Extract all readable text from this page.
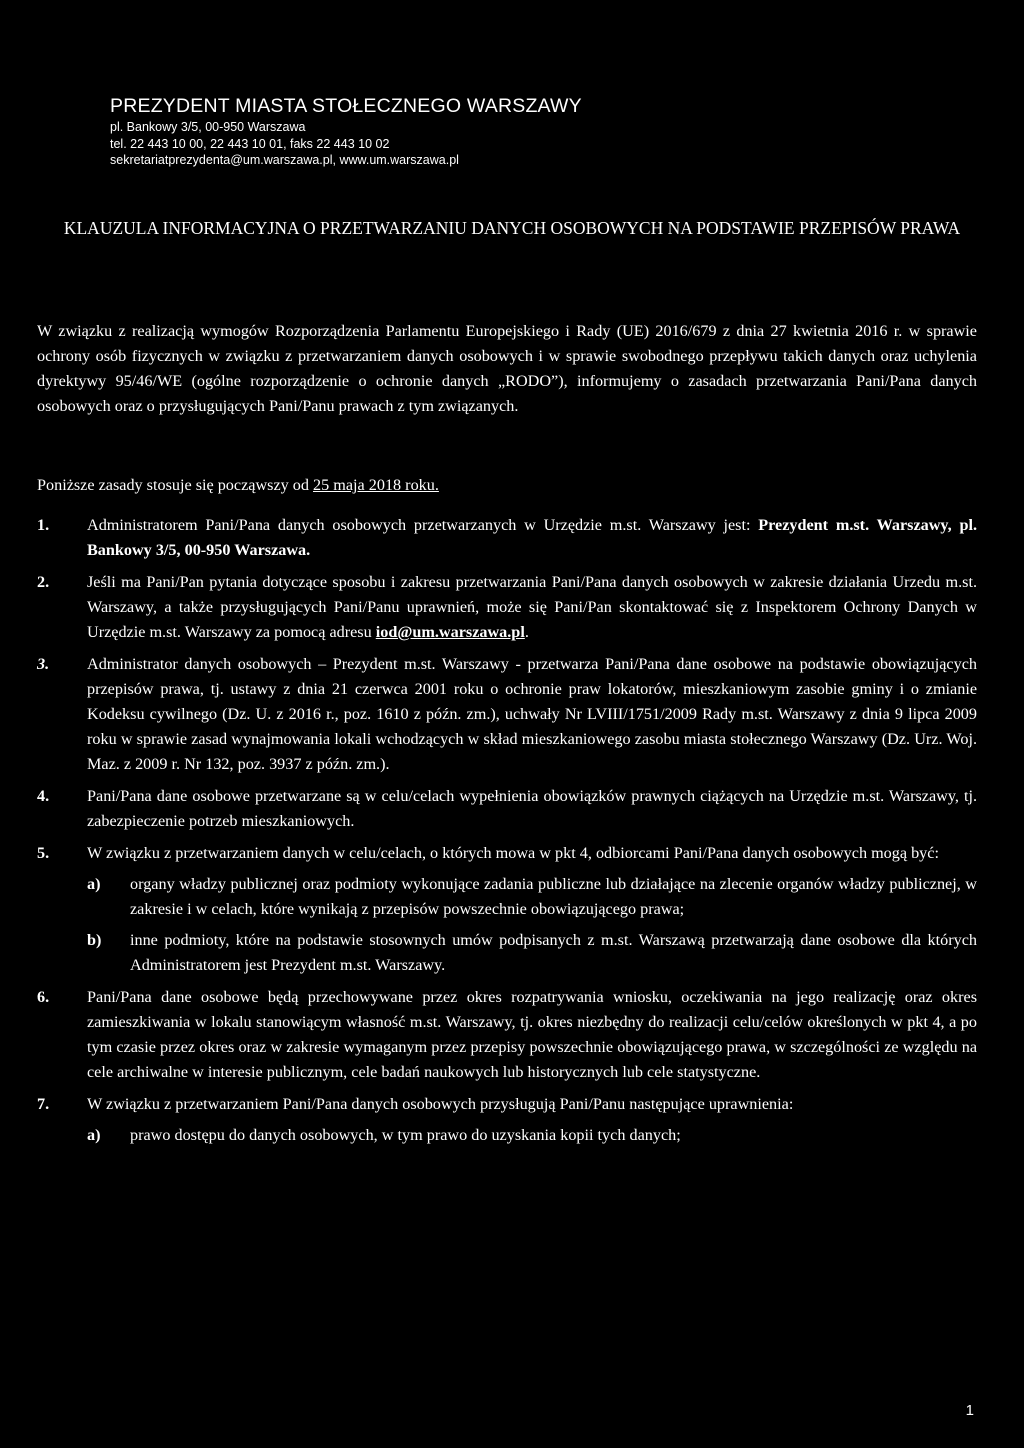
PREZYDENT MIASTA STOŁECZNEGO WARSZAWY
pl. Bankowy 3/5, 00-950 Warszawa
tel. 22 443 10 00, 22 443 10 01, faks 22 443 10 02
sekretariatprezydenta@um.warszawa.pl, www.um.warszawa.pl
KLAUZULA INFORMACYJNA O PRZETWARZANIU DANYCH OSOBOWYCH NA PODSTAWIE PRZEPISÓW PRAWA
W związku z realizacją wymogów Rozporządzenia Parlamentu Europejskiego i Rady (UE) 2016/679 z dnia 27 kwietnia 2016 r. w sprawie ochrony osób fizycznych w związku z przetwarzaniem danych osobowych i w sprawie swobodnego przepływu takich danych oraz uchylenia dyrektywy 95/46/WE (ogólne rozporządzenie o ochronie danych „RODO”), informujemy o zasadach przetwarzania Pani/Pana danych osobowych oraz o przysługujących Pani/Panu prawach z tym związanych.
Poniższe zasady stosuje się począwszy od 25 maja 2018 roku.
1. Administratorem Pani/Pana danych osobowych przetwarzanych w Urzędzie m.st. Warszawy jest: Prezydent m.st. Warszawy, pl. Bankowy 3/5, 00-950 Warszawa.
2. Jeśli ma Pani/Pan pytania dotyczące sposobu i zakresu przetwarzania Pani/Pana danych osobowych w zakresie działania Urzedu m.st. Warszawy, a także przysługujących Pani/Panu uprawnień, może się Pani/Pan skontaktować się z Inspektorem Ochrony Danych w Urzędzie m.st. Warszawy za pomocą adresu iod@um.warszawa.pl.
3. Administrator danych osobowych – Prezydent m.st. Warszawy - przetwarza Pani/Pana dane osobowe na podstawie obowiązujących przepisów prawa, tj. ustawy z dnia 21 czerwca 2001 roku o ochronie praw lokatorów, mieszkaniowym zasobie gminy i o zmianie Kodeksu cywilnego (Dz. U. z 2016 r., poz. 1610 z późn. zm.), uchwały Nr LVIII/1751/2009 Rady m.st. Warszawy z dnia 9 lipca 2009 roku w sprawie zasad wynajmowania lokali wchodzących w skład mieszkaniowego zasobu miasta stołecznego Warszawy (Dz. Urz. Woj. Maz. z 2009 r. Nr 132, poz. 3937 z późn. zm.).
4. Pani/Pana dane osobowe przetwarzane są w celu/celach wypełnienia obowiązków prawnych ciążących na Urzędzie m.st. Warszawy, tj. zabezpieczenie potrzeb mieszkaniowych.
5. W związku z przetwarzaniem danych w celu/celach, o których mowa w pkt 4, odbiorcami Pani/Pana danych osobowych mogą być:
a) organy władzy publicznej oraz podmioty wykonujące zadania publiczne lub działające na zlecenie organów władzy publicznej, w zakresie i w celach, które wynikają z przepisów powszechnie obowiązującego prawa;
b) inne podmioty, które na podstawie stosownych umów podpisanych z m.st. Warszawą przetwarzają dane osobowe dla których Administratorem jest Prezydent m.st. Warszawy.
6. Pani/Pana dane osobowe będą przechowywane przez okres rozpatrywania wniosku, oczekiwania na jego realizację oraz okres zamieszkiwania w lokalu stanowiącym własność m.st. Warszawy, tj. okres niezbędny do realizacji celu/celów określonych w pkt 4, a po tym czasie przez okres oraz w zakresie wymaganym przez przepisy powszechnie obowiązującego prawa, w szczególności ze względu na cele archiwalne w interesie publicznym, cele badań naukowych lub historycznych lub cele statystyczne.
7. W związku z przetwarzaniem Pani/Pana danych osobowych przysługują Pani/Panu następujące uprawnienia:
a) prawo dostępu do danych osobowych, w tym prawo do uzyskania kopii tych danych;
1
